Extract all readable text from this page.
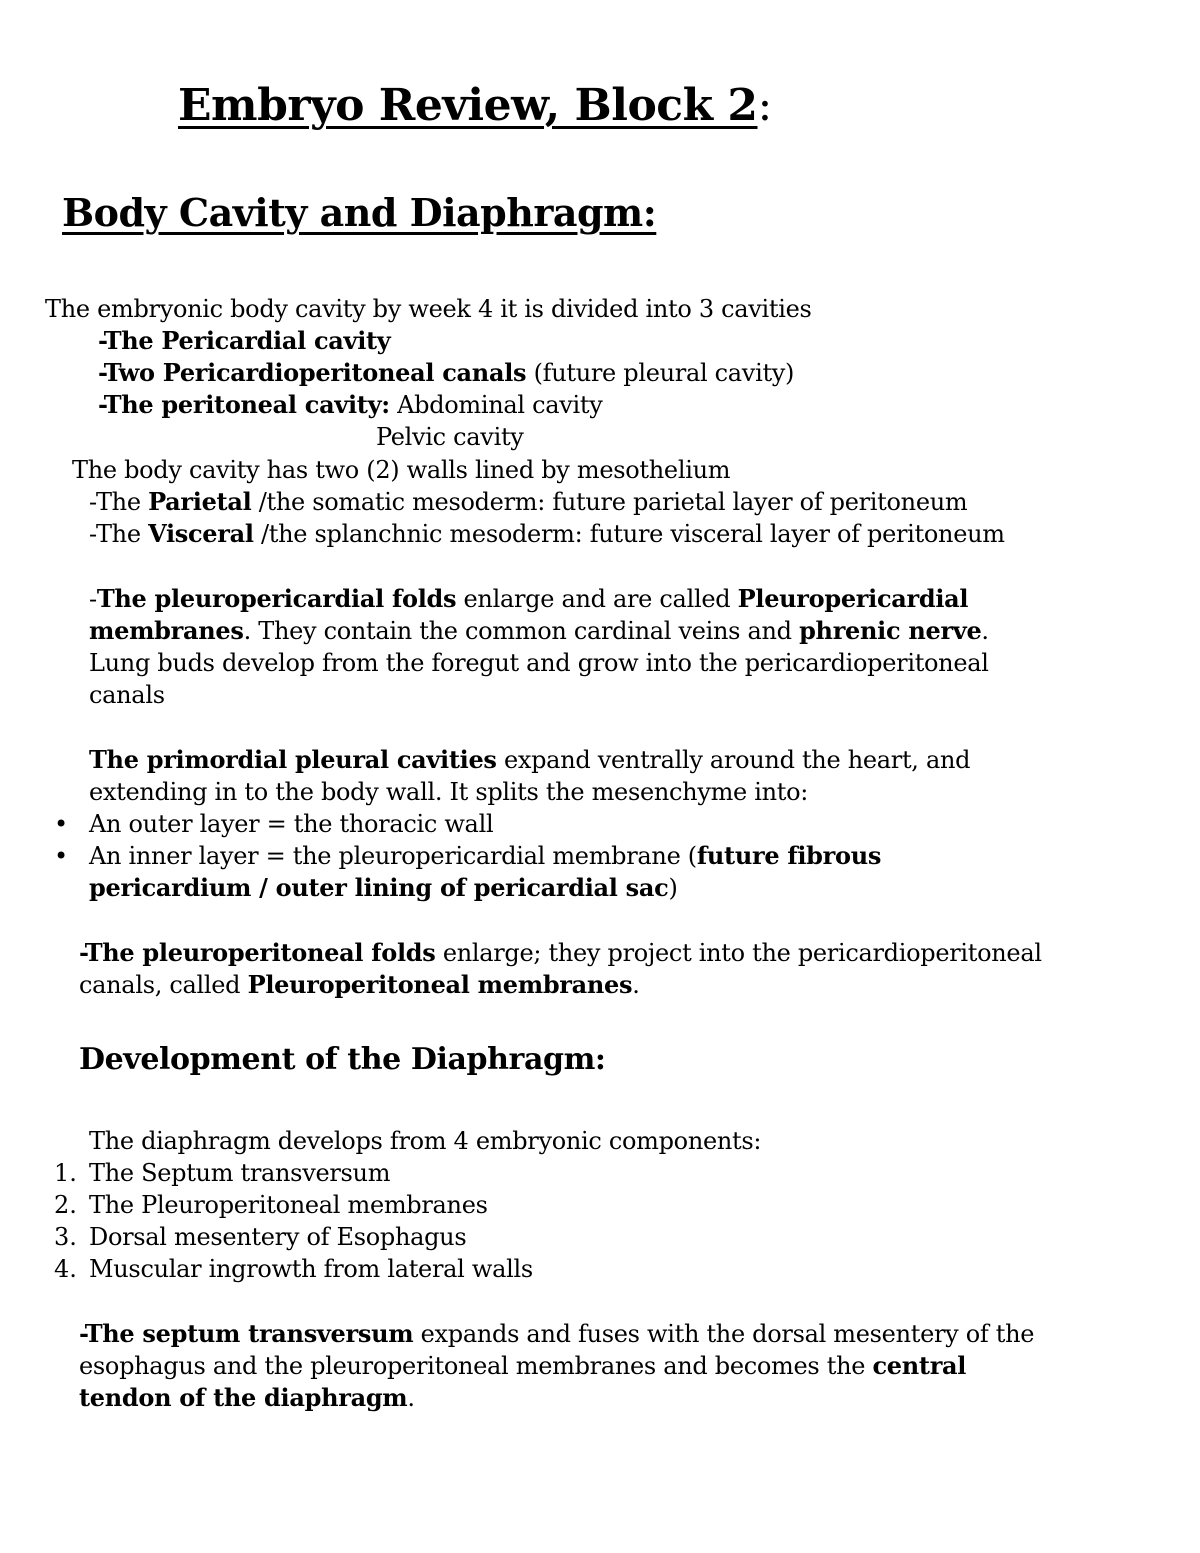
Embryo Review, Block 2:
Body Cavity and Diaphragm:
The embryonic body cavity by week 4 it is divided into 3 cavities
-The Pericardial cavity
-Two Pericardioperitoneal canals (future pleural cavity)
-The peritoneal cavity: Abdominal cavity
Pelvic cavity
The body cavity has two (2) walls lined by mesothelium
-The Parietal /the somatic mesoderm: future parietal layer of peritoneum
-The Visceral /the splanchnic mesoderm: future visceral layer of peritoneum
-The pleuropericardial folds enlarge and are called Pleuropericardial
membranes. They contain the common cardinal veins and phrenic nerve.
Lung buds develop from the foregut and grow into the pericardioperitoneal
canals
The primordial pleural cavities expand ventrally around the heart, and
extending in to the body wall. It splits the mesenchyme into:
• An outer layer = the thoracic wall
• An inner layer = the pleuropericardial membrane (future fibrous
pericardium / outer lining of pericardial sac)
-The pleuroperitoneal folds enlarge; they project into the pericardioperitoneal
canals, called Pleuroperitoneal membranes.
Development of the Diaphragm:
The diaphragm develops from 4 embryonic components:
1. The Septum transversum
2. The Pleuroperitoneal membranes
3. Dorsal mesentery of Esophagus
4. Muscular ingrowth from lateral walls
-The septum transversum expands and fuses with the dorsal mesentery of the
esophagus and the pleuroperitoneal membranes and becomes the central
tendon of the diaphragm.
